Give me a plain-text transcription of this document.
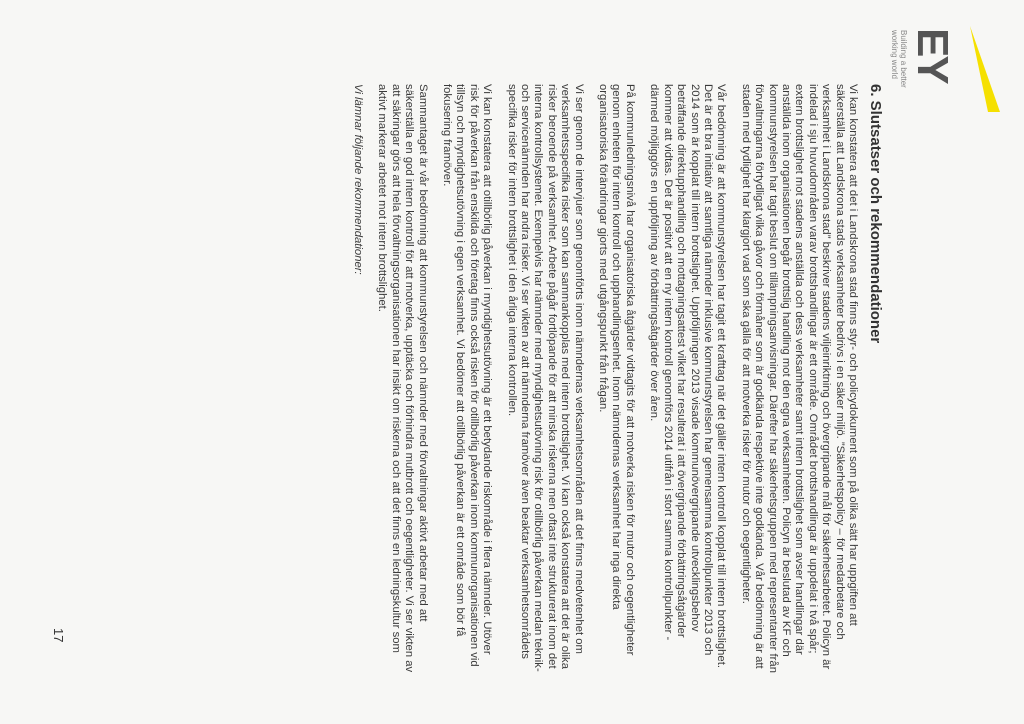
EY
Building a better
working world
6. Slutsatser och rekommendationer

Vi kan konstatera att det i Landskrona stad finns styr- och policydokument som på olika sätt har uppgiften att säkerställa att Landskrona stads verksamheter bedrivs i en säker miljö. ”Säkerhetspolicy – för medarbetare och verksamhet i Landskrona stad” beskriver stadens viljeinriktning och övergripande mål för säkerhetsarbetet. Policyn är indelad i sju huvudområden varav brottshandlingar är ett område. Området brottshandlingar är uppdelat i två spår; extern brottslighet mot stadens anställda och dess verksamheter samt intern brottslighet som avser handlingar där anställda inom organisationen begår brottslig handling mot den egna verksamheten. Policyn är beslutad av KF och kommunstyrelsen har tagit beslut om tillämpningsanvisningar. Därefter har säkerhetsgruppen med representanter från förvaltningarna förtydligat vilka gåvor och förmåner som är godkända respektive inte godkända. Vår bedömning är att staden med tydlighet har klargjort vad som ska gälla för att motverka risker för mutor och oegentligheter.

Vår bedömning är att kommunstyrelsen har tagit ett krafttag när det gäller intern kontroll kopplat till intern brottslighet. Det är ett bra initiativ att samtliga nämnder inklusive kommunstyrelsen har gemensamma kontrollpunkter 2013 och 2014 som är kopplat till intern brottslighet. Uppföljningen 2013 visade kommunövergripande utvecklingsbehov beträffande direktupphandling och mottagningsattest vilket har resulterat i att övergripande förbättringsåtgärder kommer att vidtas. Det är positivt att en ny intern kontroll genomförs 2014 utifrån i stort samma kontrollpunkter - därmed möjliggörs en uppföljning av förbättringsåtgärder över åren.

På kommunledningsnivå har organisatoriska åtgärder vidtagits för att motverka risken för mutor och oegentligheter genom enheten för intern kontroll och upphandlingsenhet. Inom nämndernas verksamhet har inga direkta organisatoriska förändringar gjorts med utgångspunkt från frågan.

Vi ser genom de intervjuer som genomförts inom nämndernas verksamhetsområden att det finns medvetenhet om verksamhetsspecifika risker som kan sammankopplas med intern brottslighet. Vi kan också konstatera att det är olika risker beroende på verksamhet. Arbete pågår fortlöpande för att minska riskerna men oftast inte strukturerat inom det interna kontrollsystemet. Exempelvis har nämnder med myndighetsutövning risk för otillbörlig påverkan medan teknik- och servicenämnden har andra risker. Vi ser vikten av att nämnderna framöver även beaktar verksamhetsområdets specifika risker för intern brottslighet i den årliga interna kontrollen.

Vi kan konstatera att otillbörlig påverkan i myndighetsutövning är ett betydande riskområde i flera nämnder. Utöver risk för påverkan från enskilda och företag finns också risken för otillbörlig påverkan inom kommunorganisationen vid tillsyn och myndighetsutövning i egen verksamhet. Vi bedömer att otillbörlig påverkan är ett område som bör få fokusering framöver.

Sammantaget är vår bedömning att kommunstyrelsen och nämnder med förvaltningar aktivt arbetar med att säkerställa en god intern kontroll för att motverka, upptäcka och förhindra mutbrott och oegentligheter. Vi ser vikten av att säkringar görs att hela förvaltningsorganisationen har insikt om riskerna och att det finns en ledningskultur som aktivt markerar arbetet mot intern brottslighet.

Vi lämnar följande rekommendationer:

17
